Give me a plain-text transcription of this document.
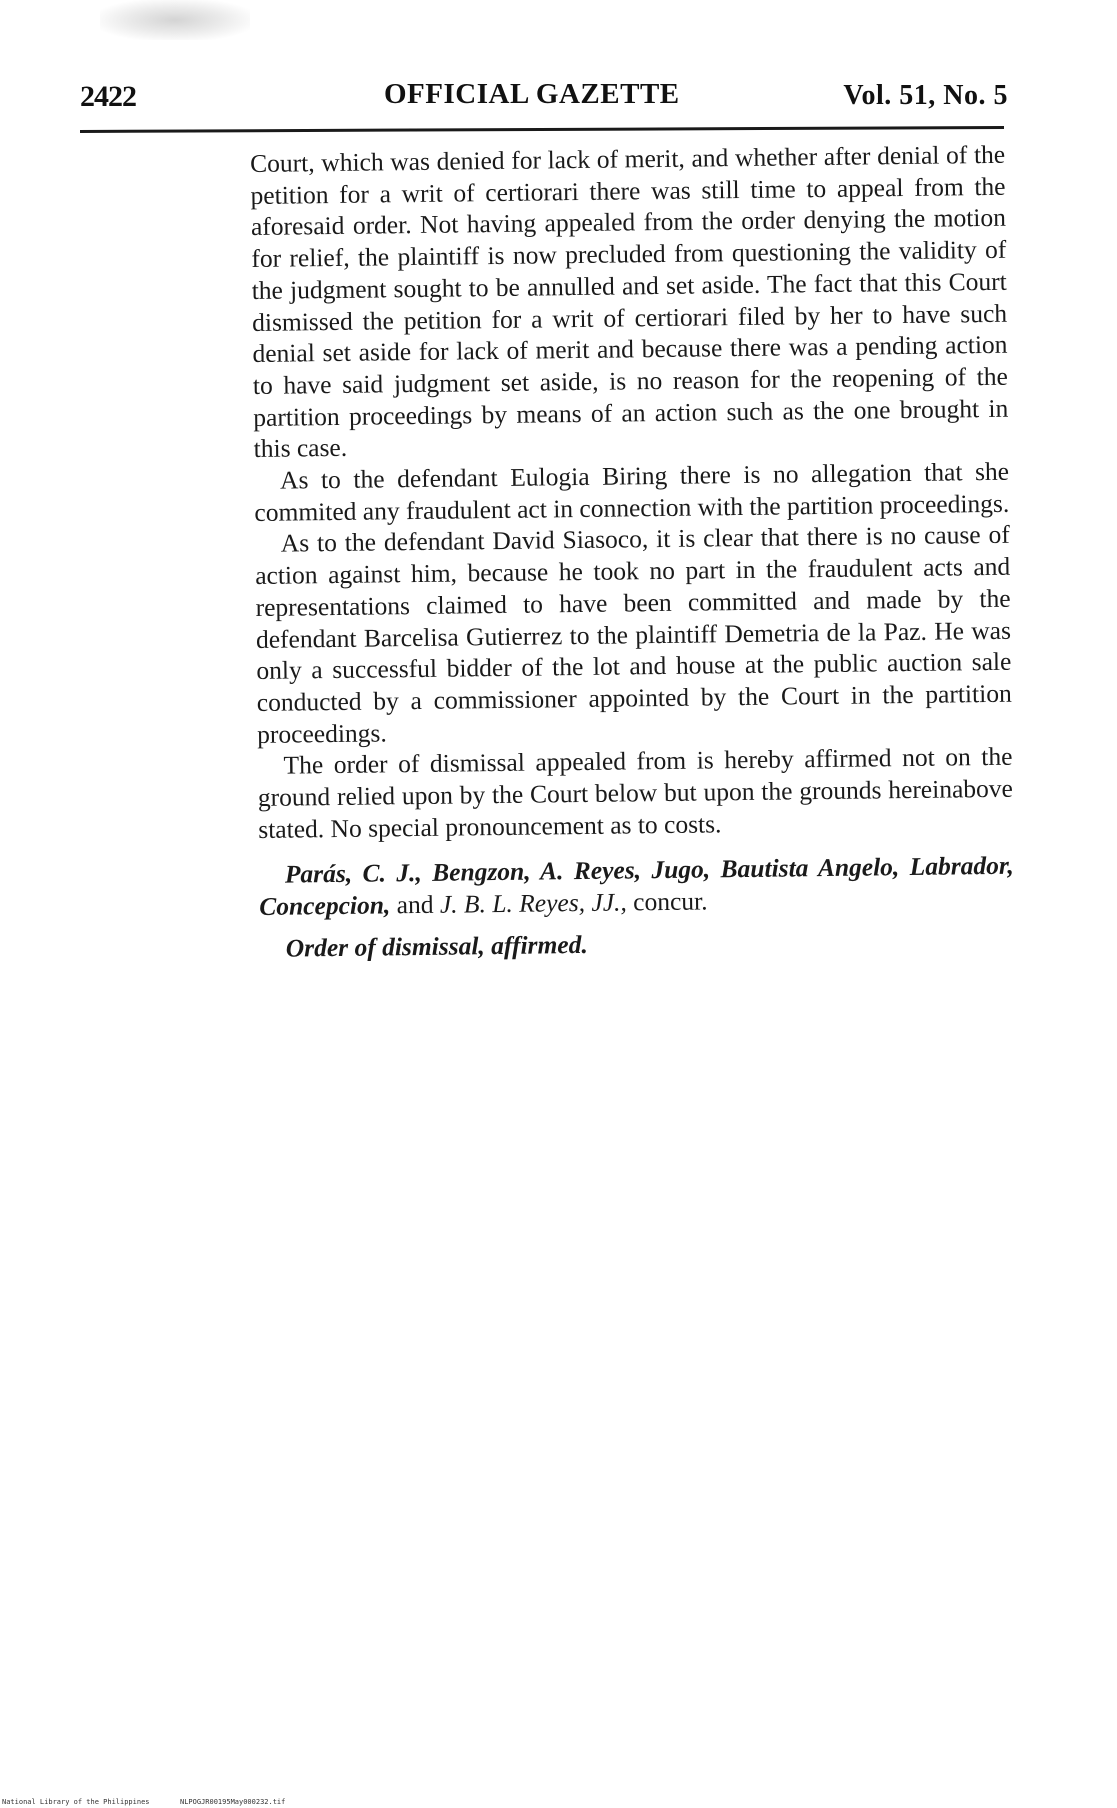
2422	OFFICIAL GAZETTE	Vol. 51, No. 5

Court, which was denied for lack of merit, and whether after denial of the petition for a writ of certiorari there was still time to appeal from the aforesaid order. Not having appealed from the order denying the motion for relief, the plaintiff is now precluded from questioning the validity of the judgment sought to be annulled and set aside. The fact that this Court dismissed the petition for a writ of certiorari filed by her to have such denial set aside for lack of merit and because there was a pending action to have said judgment set aside, is no reason for the reopening of the partition proceedings by means of an action such as the one brought in this case.

As to the defendant Eulogia Biring there is no allegation that she commited any fraudulent act in connection with the partition proceedings.

As to the defendant David Siasoco, it is clear that there is no cause of action against him, because he took no part in the fraudulent acts and representations claimed to have been committed and made by the defendant Barcelisa Gutierrez to the plaintiff Demetria de la Paz. He was only a successful bidder of the lot and house at the public auction sale conducted by a commissioner appointed by the Court in the partition proceedings.

The order of dismissal appealed from is hereby affirmed not on the ground relied upon by the Court below but upon the grounds hereinabove stated. No special pronouncement as to costs.

Parás, C. J., Bengzon, A. Reyes, Jugo, Bautista Angelo, Labrador, Concepcion, and J. B. L. Reyes, JJ., concur.

Order of dismissal, affirmed.

National Library of the Philippines	NLPOGJR00195May000232.tif
